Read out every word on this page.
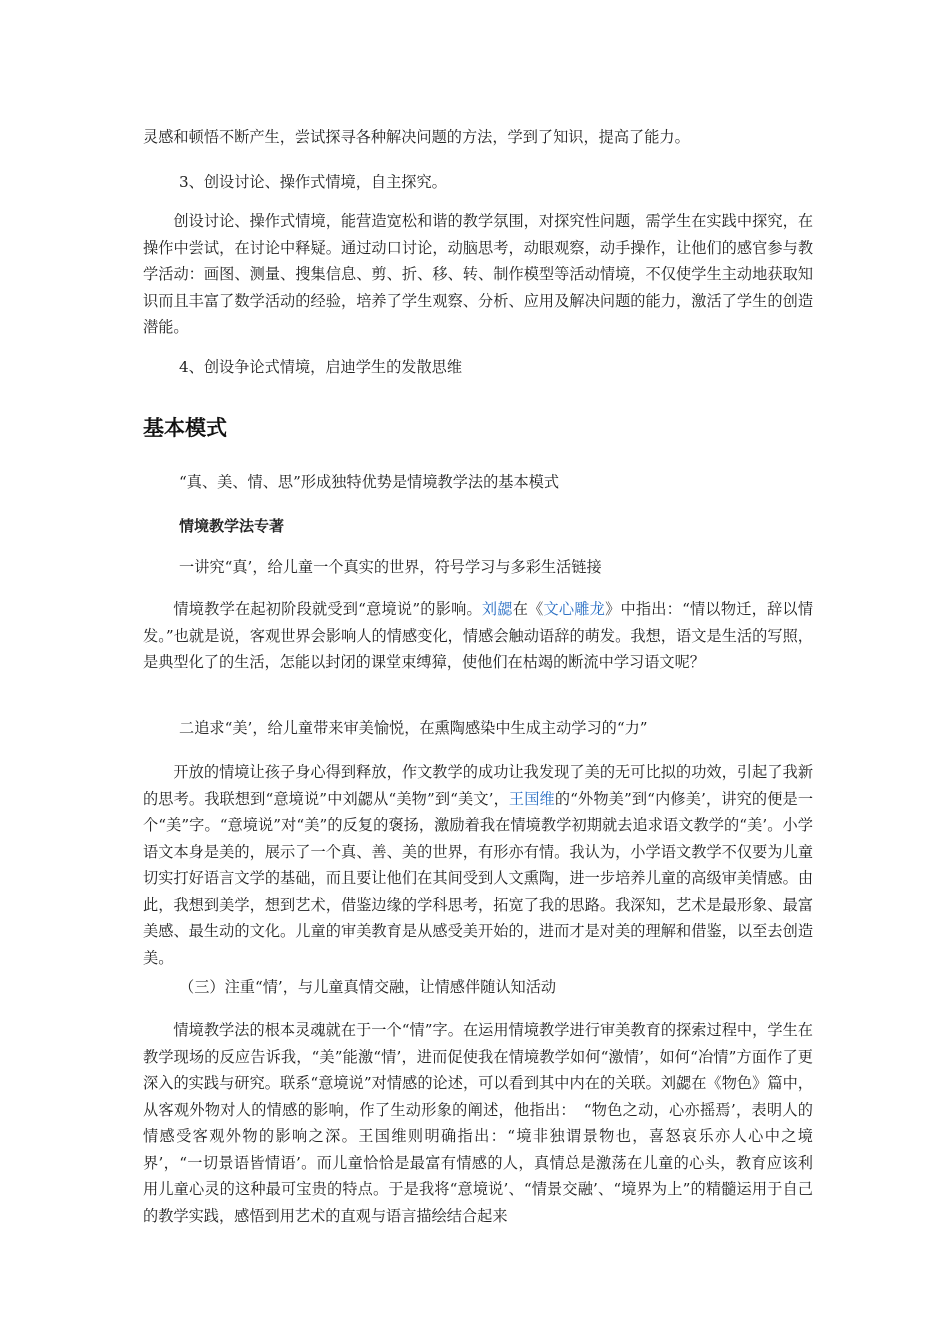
灵感和顿悟不断产生，尝试探寻各种解决问题的方法，学到了知识，提高了能力。

3、创设讨论、操作式情境，自主探究。

创设讨论、操作式情境，能营造宽松和谐的教学氛围，对探究性问题，需学生在实践中探究，在操作中尝试，在讨论中释疑。通过动口讨论，动脑思考，动眼观察，动手操作，让他们的感官参与教学活动：画图、测量、搜集信息、剪、折、移、转、制作模型等活动情境，不仅使学生主动地获取知识而且丰富了数学活动的经验，培养了学生观察、分析、应用及解决问题的能力，激活了学生的创造潜能。

4、创设争论式情境，启迪学生的发散思维

基本模式

“真、美、情、思”形成独特优势是情境教学法的基本模式

情境教学法专著

一讲究“真’，给儿童一个真实的世界，符号学习与多彩生活链接

情境教学在起初阶段就受到“意境说”的影响。刘勰在《文心雕龙》中指出：“情以物迁，辞以情发。”也就是说，客观世界会影响人的情感变化，情感会触动语辞的萌发。我想，语文是生活的写照，是典型化了的生活，怎能以封闭的课堂束缚獐，使他们在枯竭的断流中学习语文呢？

二追求“美’，给儿童带来审美愉悦，在熏陶感染中生成主动学习的“力”

开放的情境让孩子身心得到释放，作文教学的成功让我发现了美的无可比拟的功效，引起了我新的思考。我联想到“意境说”中刘勰从“美物”到“美文’，王国维的“外物美”到“内修美’，讲究的便是一个“美”字。“意境说”对“美”的反复的褒扬，激励着我在情境教学初期就去追求语文教学的“美’。小学语文本身是美的，展示了一个真、善、美的世界，有形亦有情。我认为，小学语文教学不仅要为儿童切实打好语言文学的基础，而且要让他们在其间受到人文熏陶，进一步培养儿童的高级审美情感。由此，我想到美学，想到艺术，借鉴边缘的学科思考，拓宽了我的思路。我深知，艺术是最形象、最富美感、最生动的文化。儿童的审美教育是从感受美开始的，进而才是对美的理解和借鉴，以至去创造美。

（三）注重“情’，与儿童真情交融，让情感伴随认知活动

情境教学法的根本灵魂就在于一个“情”字。在运用情境教学进行审美教育的探索过程中，学生在教学现场的反应告诉我，“美”能激“情’，进而促使我在情境教学如何“激情’，如何“冶情”方面作了更深入的实践与研究。联系“意境说”对情感的论述，可以看到其中内在的关联。刘勰在《物色》篇中，从客观外物对人的情感的影响，作了生动形象的阐述，他指出：　“物色之动，心亦摇焉’，表明人的情感受客观外物的影响之深。王国维则明确指出：“境非独谓景物也，喜怒哀乐亦人心中之境界’，“一切景语皆情语’。而儿童恰恰是最富有情感的人，真情总是激荡在儿童的心头，教育应该利用儿童心灵的这种最可宝贵的特点。于是我将“意境说’、“情景交融’、“境界为上”的精髓运用于自己的教学实践，感悟到用艺术的直观与语言描绘结合起来
